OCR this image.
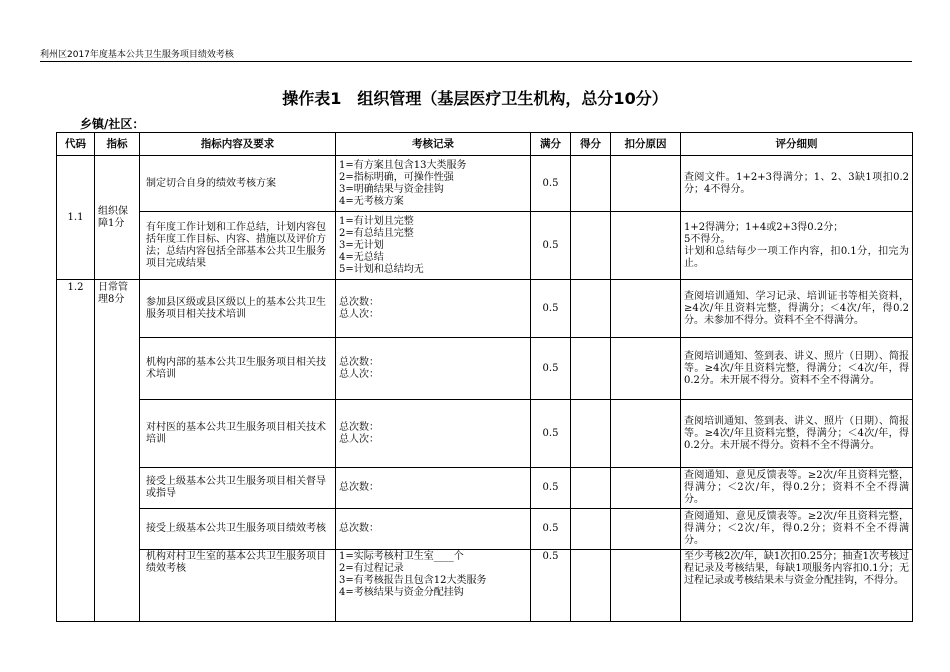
利州区2017年度基本公共卫生服务项目绩效考核
操作表1　组织管理（基层医疗卫生机构，总分10分）
乡镇/社区：
代码	指标	指标内容及要求	考核记录	满分	得分	扣分原因	评分细则
1.1	组织保障1分	制定切合自身的绩效考核方案	1=有方案且包含13大类服务
2=指标明确，可操作性强
3=明确结果与资金挂钩
4=无考核方案	0.5			查阅文件。1+2+3得满分；1、2、3缺1项扣0.2分；4不得分。
		有年度工作计划和工作总结，计划内容包括年度工作目标、内容、措施以及评价方法；总结内容包括全部基本公共卫生服务项目完成结果	1=有计划且完整
2=有总结且完整
3=无计划
4=无总结
5=计划和总结均无	0.5			1+2得满分；1+4或2+3得0.2分；
5不得分。
计划和总结每少一项工作内容，扣0.1分，扣完为止。

1.2	日常管理8分	参加县区级或县区级以上的基本公共卫生服务项目相关技术培训	总次数：
总人次：	0.5			查阅培训通知、学习记录、培训证书等相关资料，≥4次/年且资料完整，得满分；＜4次/年，得0.2分。未参加不得分。资料不全不得满分。
		机构内部的基本公共卫生服务项目相关技术培训	总次数：
总人次：	0.5			查阅培训通知、签到表、讲义、照片（日期）、简报等。≥4次/年且资料完整，得满分；＜4次/年，得0.2分。未开展不得分。资料不全不得满分。
		对村医的基本公共卫生服务项目相关技术培训	总次数：
总人次：	0.5			查阅培训通知、签到表、讲义、照片（日期）、简报等。≥4次/年且资料完整，得满分；＜4次/年，得0.2分。未开展不得分。资料不全不得满分。
		接受上级基本公共卫生服务项目相关督导或指导	总次数：	0.5			查阅通知、意见反馈表等。≥2次/年且资料完整，得满分；＜2次/年，得0.2分；资料不全不得满分。
		接受上级基本公共卫生服务项目绩效考核	总次数：	0.5			查阅通知、意见反馈表等。≥2次/年且资料完整，得满分；＜2次/年，得0.2分；资料不全不得满分。
		机构对村卫生室的基本公共卫生服务项目绩效考核	1=实际考核村卫生室____个
2=有过程记录
3=有考核报告且包含12大类服务
4=考核结果与资金分配挂钩	0.5			至少考核2次/年，缺1次扣0.25分；抽查1次考核过程记录及考核结果，每缺1项服务内容扣0.1分；无过程记录或考核结果未与资金分配挂钩，不得分。
